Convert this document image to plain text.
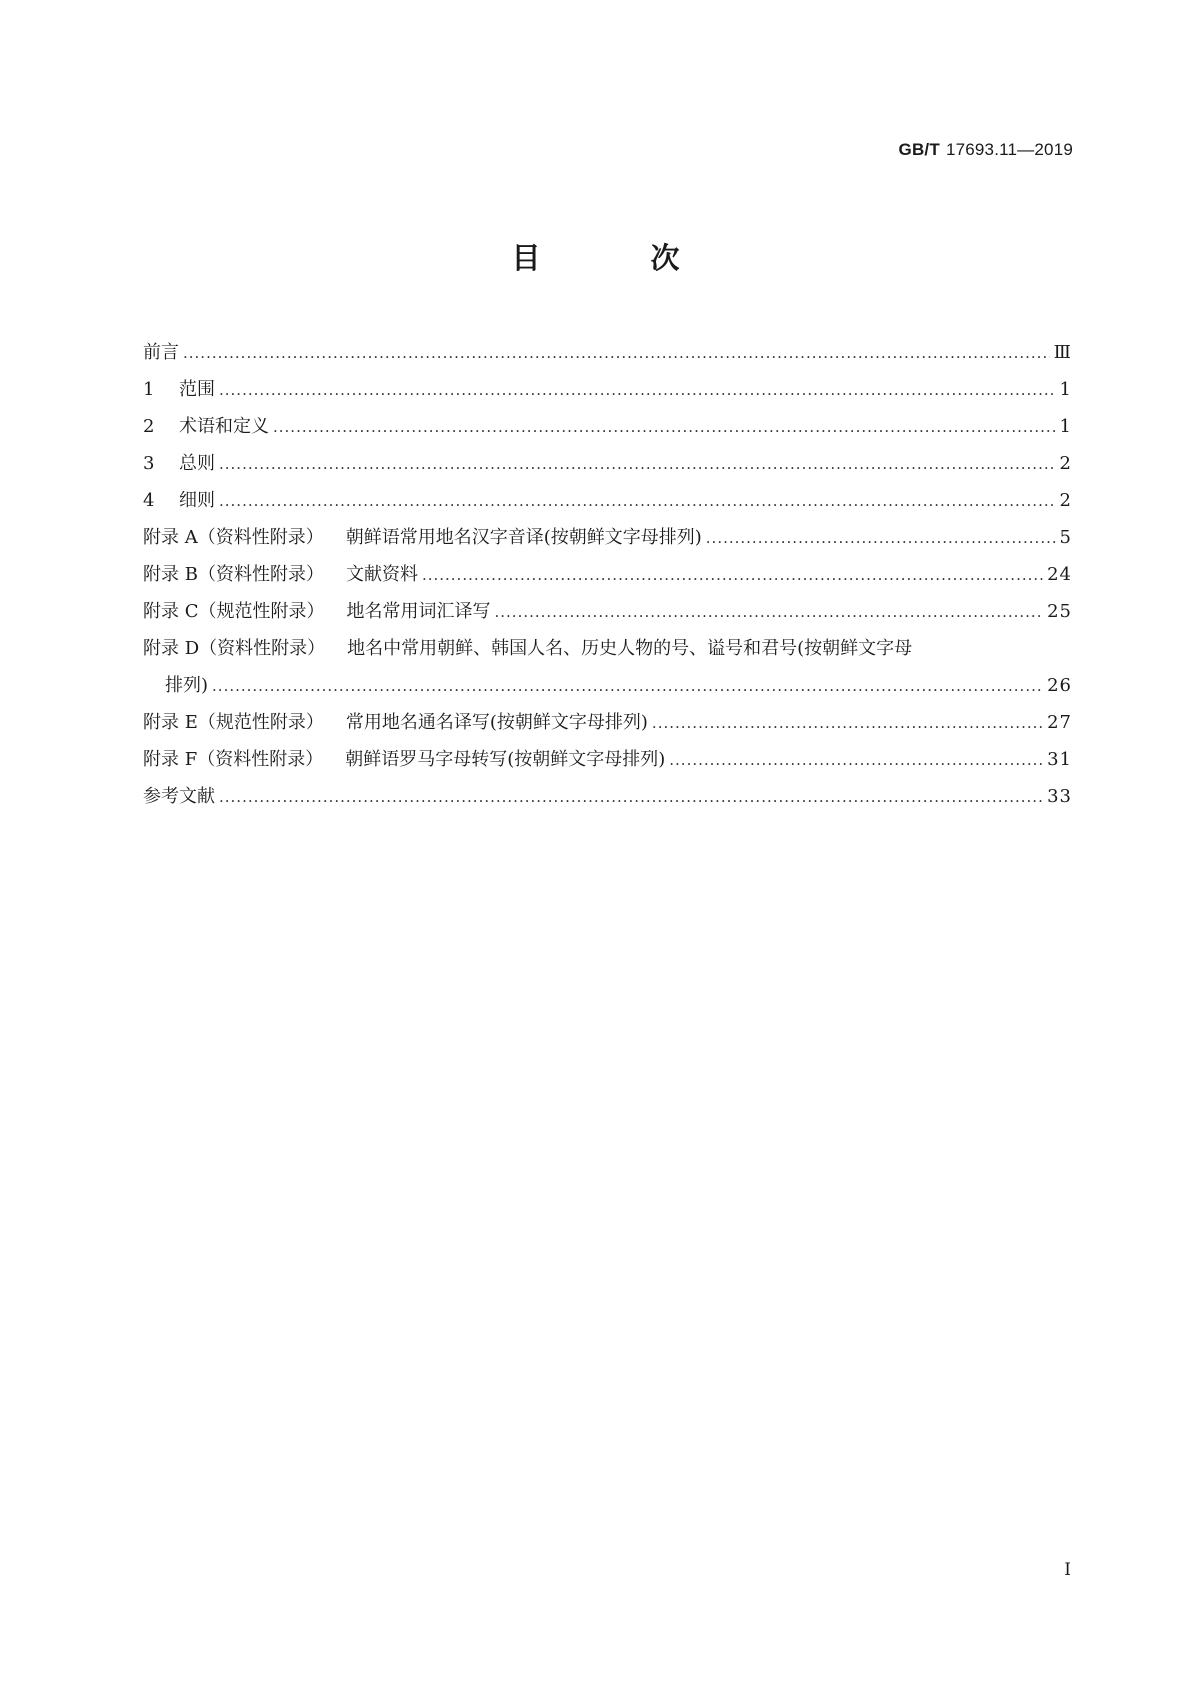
GB/T 17693.11—2019
目 次
前言 .....	Ⅲ
1	范围 .....	1
2	术语和定义 .....	1
3	总则 .....	2
4	细则 .....	2
附录 A（资料性附录） 朝鲜语常用地名汉字音译(按朝鲜文字母排列) .....	5
附录 B（资料性附录） 文献资料 .....	24
附录 C（规范性附录） 地名常用词汇译写 .....	25
附录 D（资料性附录） 地名中常用朝鲜、韩国人名、历史人物的号、谥号和君号(按朝鲜文字母
排列) .....	26
附录 E（规范性附录） 常用地名通名译写(按朝鲜文字母排列) .....	27
附录 F（资料性附录） 朝鲜语罗马字母转写(按朝鲜文字母排列) .....	31
参考文献 .....	33
Ⅰ
